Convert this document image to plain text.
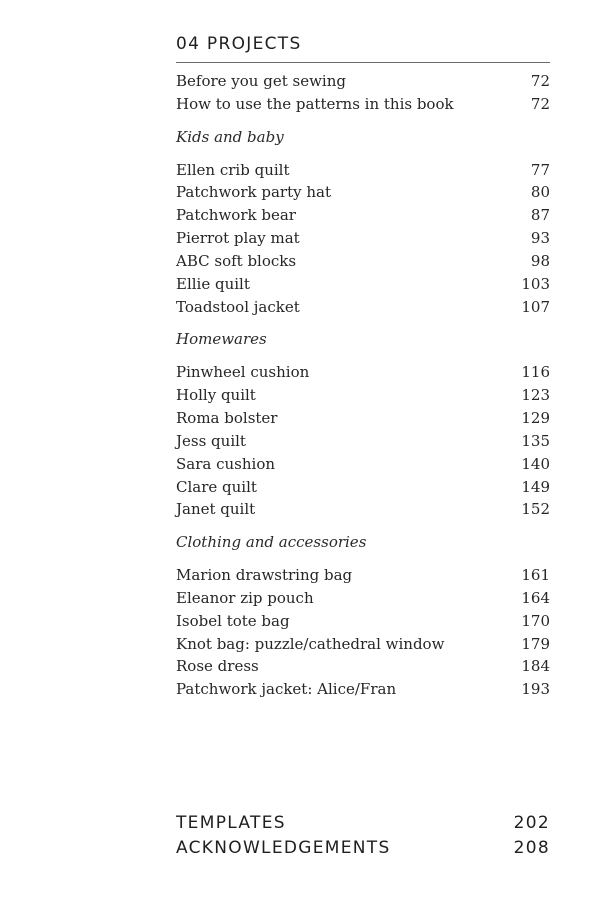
04 PROJECTS
Before you get sewing	72
How to use the patterns in this book	72
Kids and baby
Ellen crib quilt	77
Patchwork party hat	80
Patchwork bear	87
Pierrot play mat	93
ABC soft blocks	98
Ellie quilt	103
Toadstool jacket	107
Homewares
Pinwheel cushion	116
Holly quilt	123
Roma bolster	129
Jess quilt	135
Sara cushion	140
Clare quilt	149
Janet quilt	152
Clothing and accessories
Marion drawstring bag	161
Eleanor zip pouch	164
Isobel tote bag	170
Knot bag: puzzle/cathedral window	179
Rose dress	184
Patchwork jacket: Alice/Fran	193
TEMPLATES	202
ACKNOWLEDGEMENTS	208
